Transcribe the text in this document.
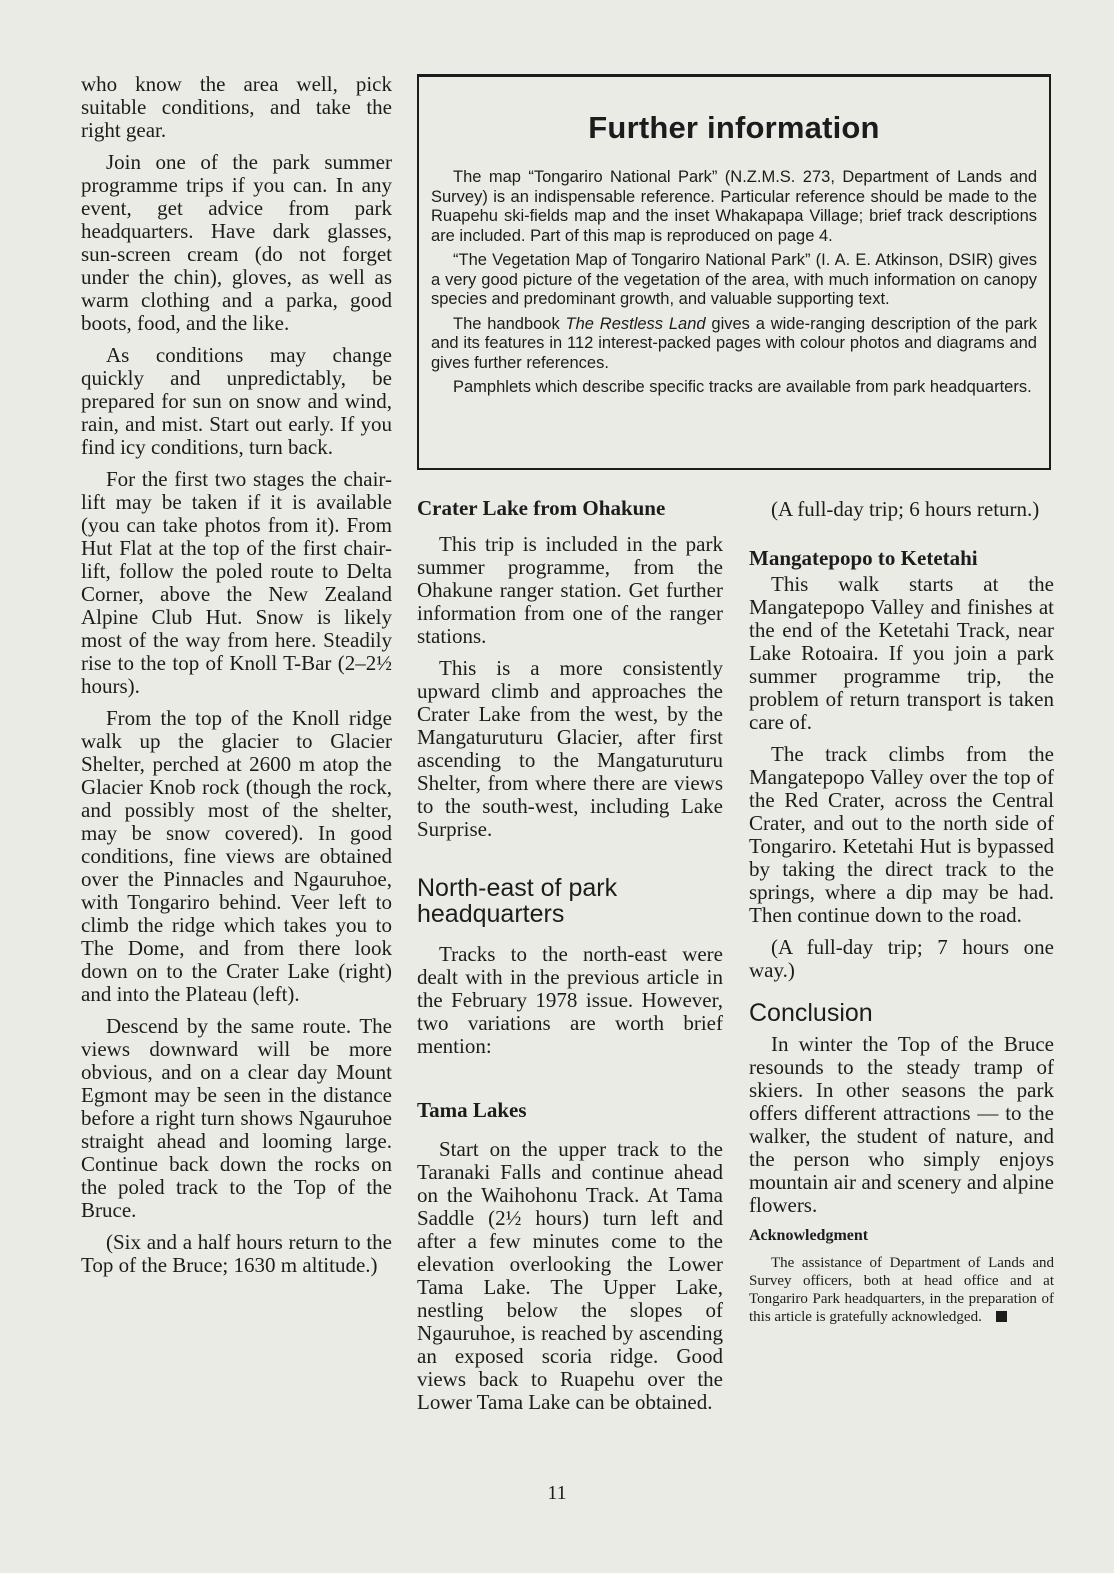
who know the area well, pick suitable conditions, and take the right gear.

Join one of the park summer programme trips if you can. In any event, get advice from park headquarters. Have dark glasses, sun-screen cream (do not forget under the chin), gloves, as well as warm clothing and a parka, good boots, food, and the like.

As conditions may change quickly and unpredictably, be prepared for sun on snow and wind, rain, and mist. Start out early. If you find icy conditions, turn back.

For the first two stages the chair-lift may be taken if it is available (you can take photos from it). From Hut Flat at the top of the first chair-lift, follow the poled route to Delta Corner, above the New Zealand Alpine Club Hut. Snow is likely most of the way from here. Steadily rise to the top of Knoll T-Bar (2–2½ hours).

From the top of the Knoll ridge walk up the glacier to Glacier Shelter, perched at 2600 m atop the Glacier Knob rock (though the rock, and possibly most of the shelter, may be snow covered). In good conditions, fine views are obtained over the Pinnacles and Ngauruhoe, with Tongariro behind. Veer left to climb the ridge which takes you to The Dome, and from there look down on to the Crater Lake (right) and into the Plateau (left).

Descend by the same route. The views downward will be more obvious, and on a clear day Mount Egmont may be seen in the distance before a right turn shows Ngauruhoe straight ahead and looming large. Continue back down the rocks on the poled track to the Top of the Bruce.

(Six and a half hours return to the Top of the Bruce; 1630 m altitude.)

Further information

The map “Tongariro National Park” (N.Z.M.S. 273, Department of Lands and Survey) is an indispensable reference. Particular reference should be made to the Ruapehu ski-fields map and the inset Whakapapa Village; brief track descriptions are included. Part of this map is reproduced on page 4.

“The Vegetation Map of Tongariro National Park” (I. A. E. Atkinson, DSIR) gives a very good picture of the vegetation of the area, with much information on canopy species and predominant growth, and valuable supporting text.

The handbook The Restless Land gives a wide-ranging description of the park and its features in 112 interest-packed pages with colour photos and diagrams and gives further references.

Pamphlets which describe specific tracks are available from park headquarters.

Crater Lake from Ohakune

This trip is included in the park summer programme, from the Ohakune ranger station. Get further information from one of the ranger stations.

This is a more consistently upward climb and approaches the Crater Lake from the west, by the Mangaturuturu Glacier, after first ascending to the Mangaturuturu Shelter, from where there are views to the south-west, including Lake Surprise.

North-east of park headquarters

Tracks to the north-east were dealt with in the previous article in the February 1978 issue. However, two variations are worth brief mention:

Tama Lakes

Start on the upper track to the Taranaki Falls and continue ahead on the Waihohonu Track. At Tama Saddle (2½ hours) turn left and after a few minutes come to the elevation overlooking the Lower Tama Lake. The Upper Lake, nestling below the slopes of Ngauruhoe, is reached by ascending an exposed scoria ridge. Good views back to Ruapehu over the Lower Tama Lake can be obtained.

(A full-day trip; 6 hours return.)

Mangatepopo to Ketetahi

This walk starts at the Mangatepopo Valley and finishes at the end of the Ketetahi Track, near Lake Rotoaira. If you join a park summer programme trip, the problem of return transport is taken care of.

The track climbs from the Mangatepopo Valley over the top of the Red Crater, across the Central Crater, and out to the north side of Tongariro. Ketetahi Hut is bypassed by taking the direct track to the springs, where a dip may be had. Then continue down to the road.

(A full-day trip; 7 hours one way.)

Conclusion

In winter the Top of the Bruce resounds to the steady tramp of skiers. In other seasons the park offers different attractions — to the walker, the student of nature, and the person who simply enjoys mountain air and scenery and alpine flowers.

Acknowledgment

The assistance of Department of Lands and Survey officers, both at head office and at Tongariro Park headquarters, in the preparation of this article is gratefully acknowledged.

11
